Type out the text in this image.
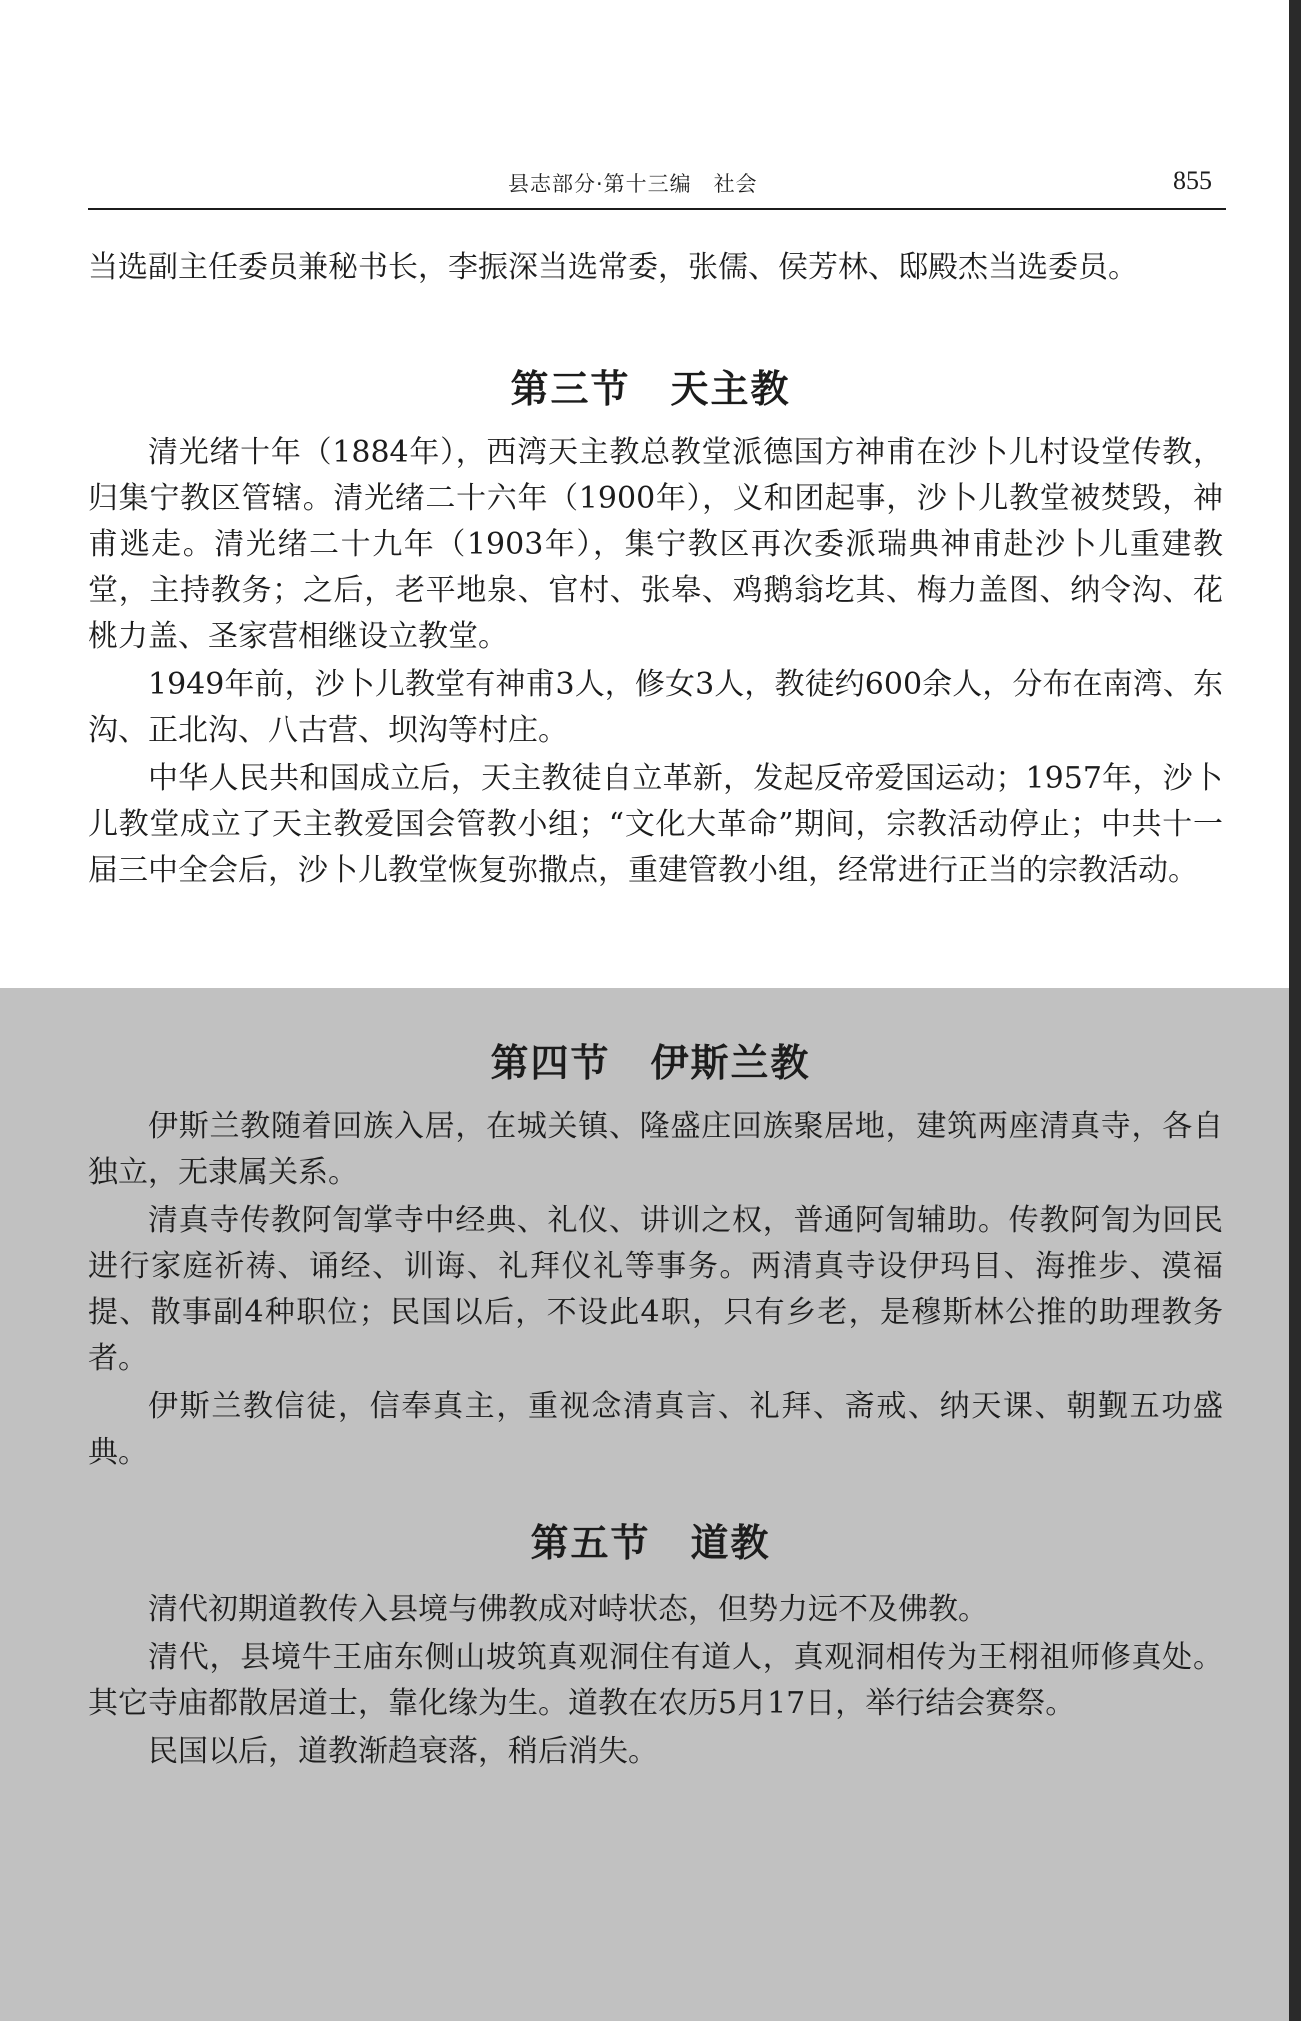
县志部分·第十三编　社会	855

当选副主任委员兼秘书长，李振深当选常委，张儒、侯芳林、邸殿杰当选委员。

第三节 天主教

清光绪十年（1884年），西湾天主教总教堂派德国方神甫在沙卜儿村设堂传教，归集宁教区管辖。清光绪二十六年（1900年），义和团起事，沙卜儿教堂被焚毁，神甫逃走。清光绪二十九年（1903年），集宁教区再次委派瑞典神甫赴沙卜儿重建教堂，主持教务；之后，老平地泉、官村、张皋、鸡鹅翁圪其、梅力盖图、纳令沟、花桃力盖、圣家营相继设立教堂。

1949年前，沙卜儿教堂有神甫3人，修女3人，教徒约600余人，分布在南湾、东沟、正北沟、八古营、坝沟等村庄。

中华人民共和国成立后，天主教徒自立革新，发起反帝爱国运动；1957年，沙卜儿教堂成立了天主教爱国会管教小组；“文化大革命”期间，宗教活动停止；中共十一届三中全会后，沙卜儿教堂恢复弥撒点，重建管教小组，经常进行正当的宗教活动。

第四节 伊斯兰教

伊斯兰教随着回族入居，在城关镇、隆盛庄回族聚居地，建筑两座清真寺，各自独立，无隶属关系。

清真寺传教阿訇掌寺中经典、礼仪、讲训之权，普通阿訇辅助。传教阿訇为回民进行家庭祈祷、诵经、训诲、礼拜仪礼等事务。两清真寺设伊玛目、海推步、漠福提、散事副4种职位；民国以后，不设此4职，只有乡老，是穆斯林公推的助理教务者。

伊斯兰教信徒，信奉真主，重视念清真言、礼拜、斋戒、纳天课、朝觐五功盛典。

第五节 道教

清代初期道教传入县境与佛教成对峙状态，但势力远不及佛教。

清代，县境牛王庙东侧山坡筑真观洞住有道人，真观洞相传为王栩祖师修真处。其它寺庙都散居道士，靠化缘为生。道教在农历5月17日，举行结会赛祭。

民国以后，道教渐趋衰落，稍后消失。
